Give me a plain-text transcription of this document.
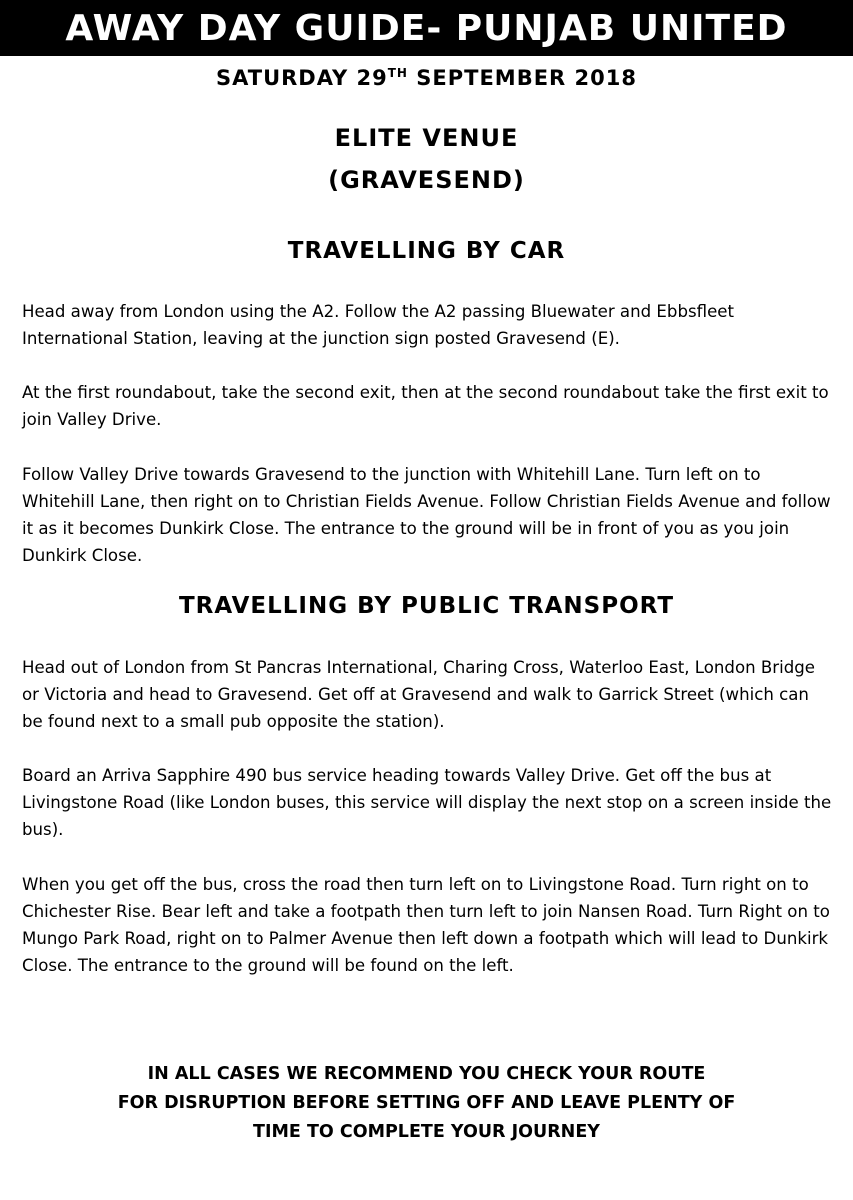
AWAY DAY GUIDE- PUNJAB UNITED
SATURDAY 29TH SEPTEMBER 2018
ELITE VENUE
(GRAVESEND)
TRAVELLING BY CAR
Head away from London using the A2. Follow the A2 passing Bluewater and Ebbsfleet International Station, leaving at the junction sign posted Gravesend (E).
At the first roundabout, take the second exit, then at the second roundabout take the first exit to join Valley Drive.
Follow Valley Drive towards Gravesend to the junction with Whitehill Lane. Turn left on to Whitehill Lane, then right on to Christian Fields Avenue. Follow Christian Fields Avenue and follow it as it becomes Dunkirk Close. The entrance to the ground will be in front of you as you join Dunkirk Close.
TRAVELLING BY PUBLIC TRANSPORT
Head out of London from St Pancras International, Charing Cross, Waterloo East, London Bridge or Victoria and head to Gravesend. Get off at Gravesend and walk to Garrick Street (which can be found next to a small pub opposite the station).
Board an Arriva Sapphire 490 bus service heading towards Valley Drive. Get off the bus at Livingstone Road (like London buses, this service will display the next stop on a screen inside the bus).
When you get off the bus, cross the road then turn left on to Livingstone Road. Turn right on to Chichester Rise. Bear left and take a footpath then turn left to join Nansen Road. Turn Right on to Mungo Park Road, right on to Palmer Avenue then left down a footpath which will lead to Dunkirk Close. The entrance to the ground will be found on the left.
IN ALL CASES WE RECOMMEND YOU CHECK YOUR ROUTE
FOR DISRUPTION BEFORE SETTING OFF AND LEAVE PLENTY OF
TIME TO COMPLETE YOUR JOURNEY
